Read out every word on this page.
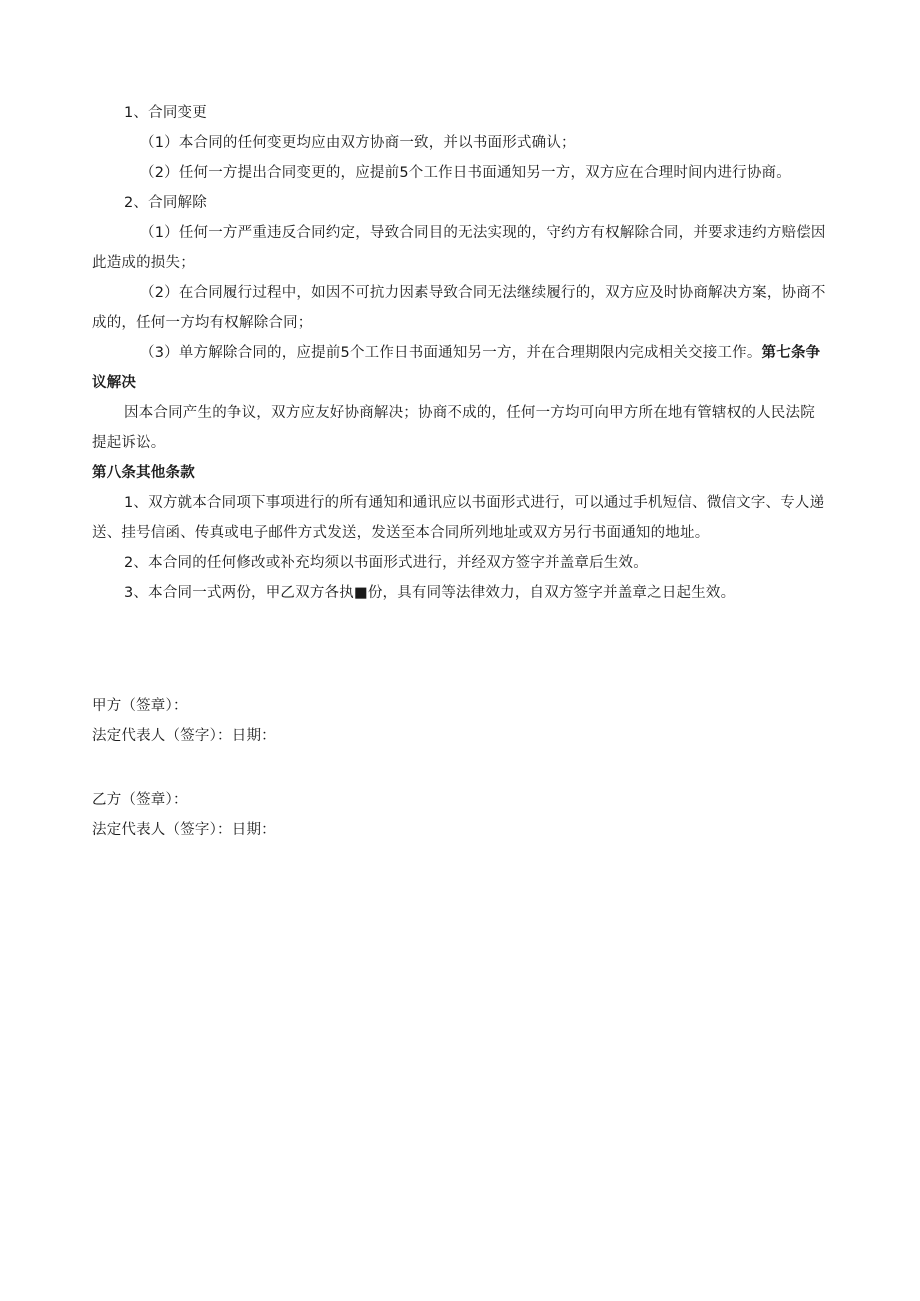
1、合同变更

（1）本合同的任何变更均应由双方协商一致，并以书面形式确认；

（2）任何一方提出合同变更的，应提前5个工作日书面通知另一方，双方应在合理时间内进行协商。

2、合同解除

（1）任何一方严重违反合同约定，导致合同目的无法实现的，守约方有权解除合同，并要求违约方赔偿因此造成的损失；

（2）在合同履行过程中，如因不可抗力因素导致合同无法继续履行的，双方应及时协商解决方案，协商不成的，任何一方均有权解除合同；

（3）单方解除合同的，应提前5个工作日书面通知另一方，并在合理期限内完成相关交接工作。第七条争议解决

因本合同产生的争议，双方应友好协商解决；协商不成的，任何一方均可向甲方所在地有管辖权的人民法院提起诉讼。

第八条其他条款

1、双方就本合同项下事项进行的所有通知和通讯应以书面形式进行，可以通过手机短信、微信文字、专人递送、挂号信函、传真或电子邮件方式发送，发送至本合同所列地址或双方另行书面通知的地址。

2、本合同的任何修改或补充均须以书面形式进行，并经双方签字并盖章后生效。

3、本合同一式两份，甲乙双方各执■份，具有同等法律效力，自双方签字并盖章之日起生效。

甲方（签章）：

法定代表人（签字）：日期：

乙方（签章）：

法定代表人（签字）：日期：
